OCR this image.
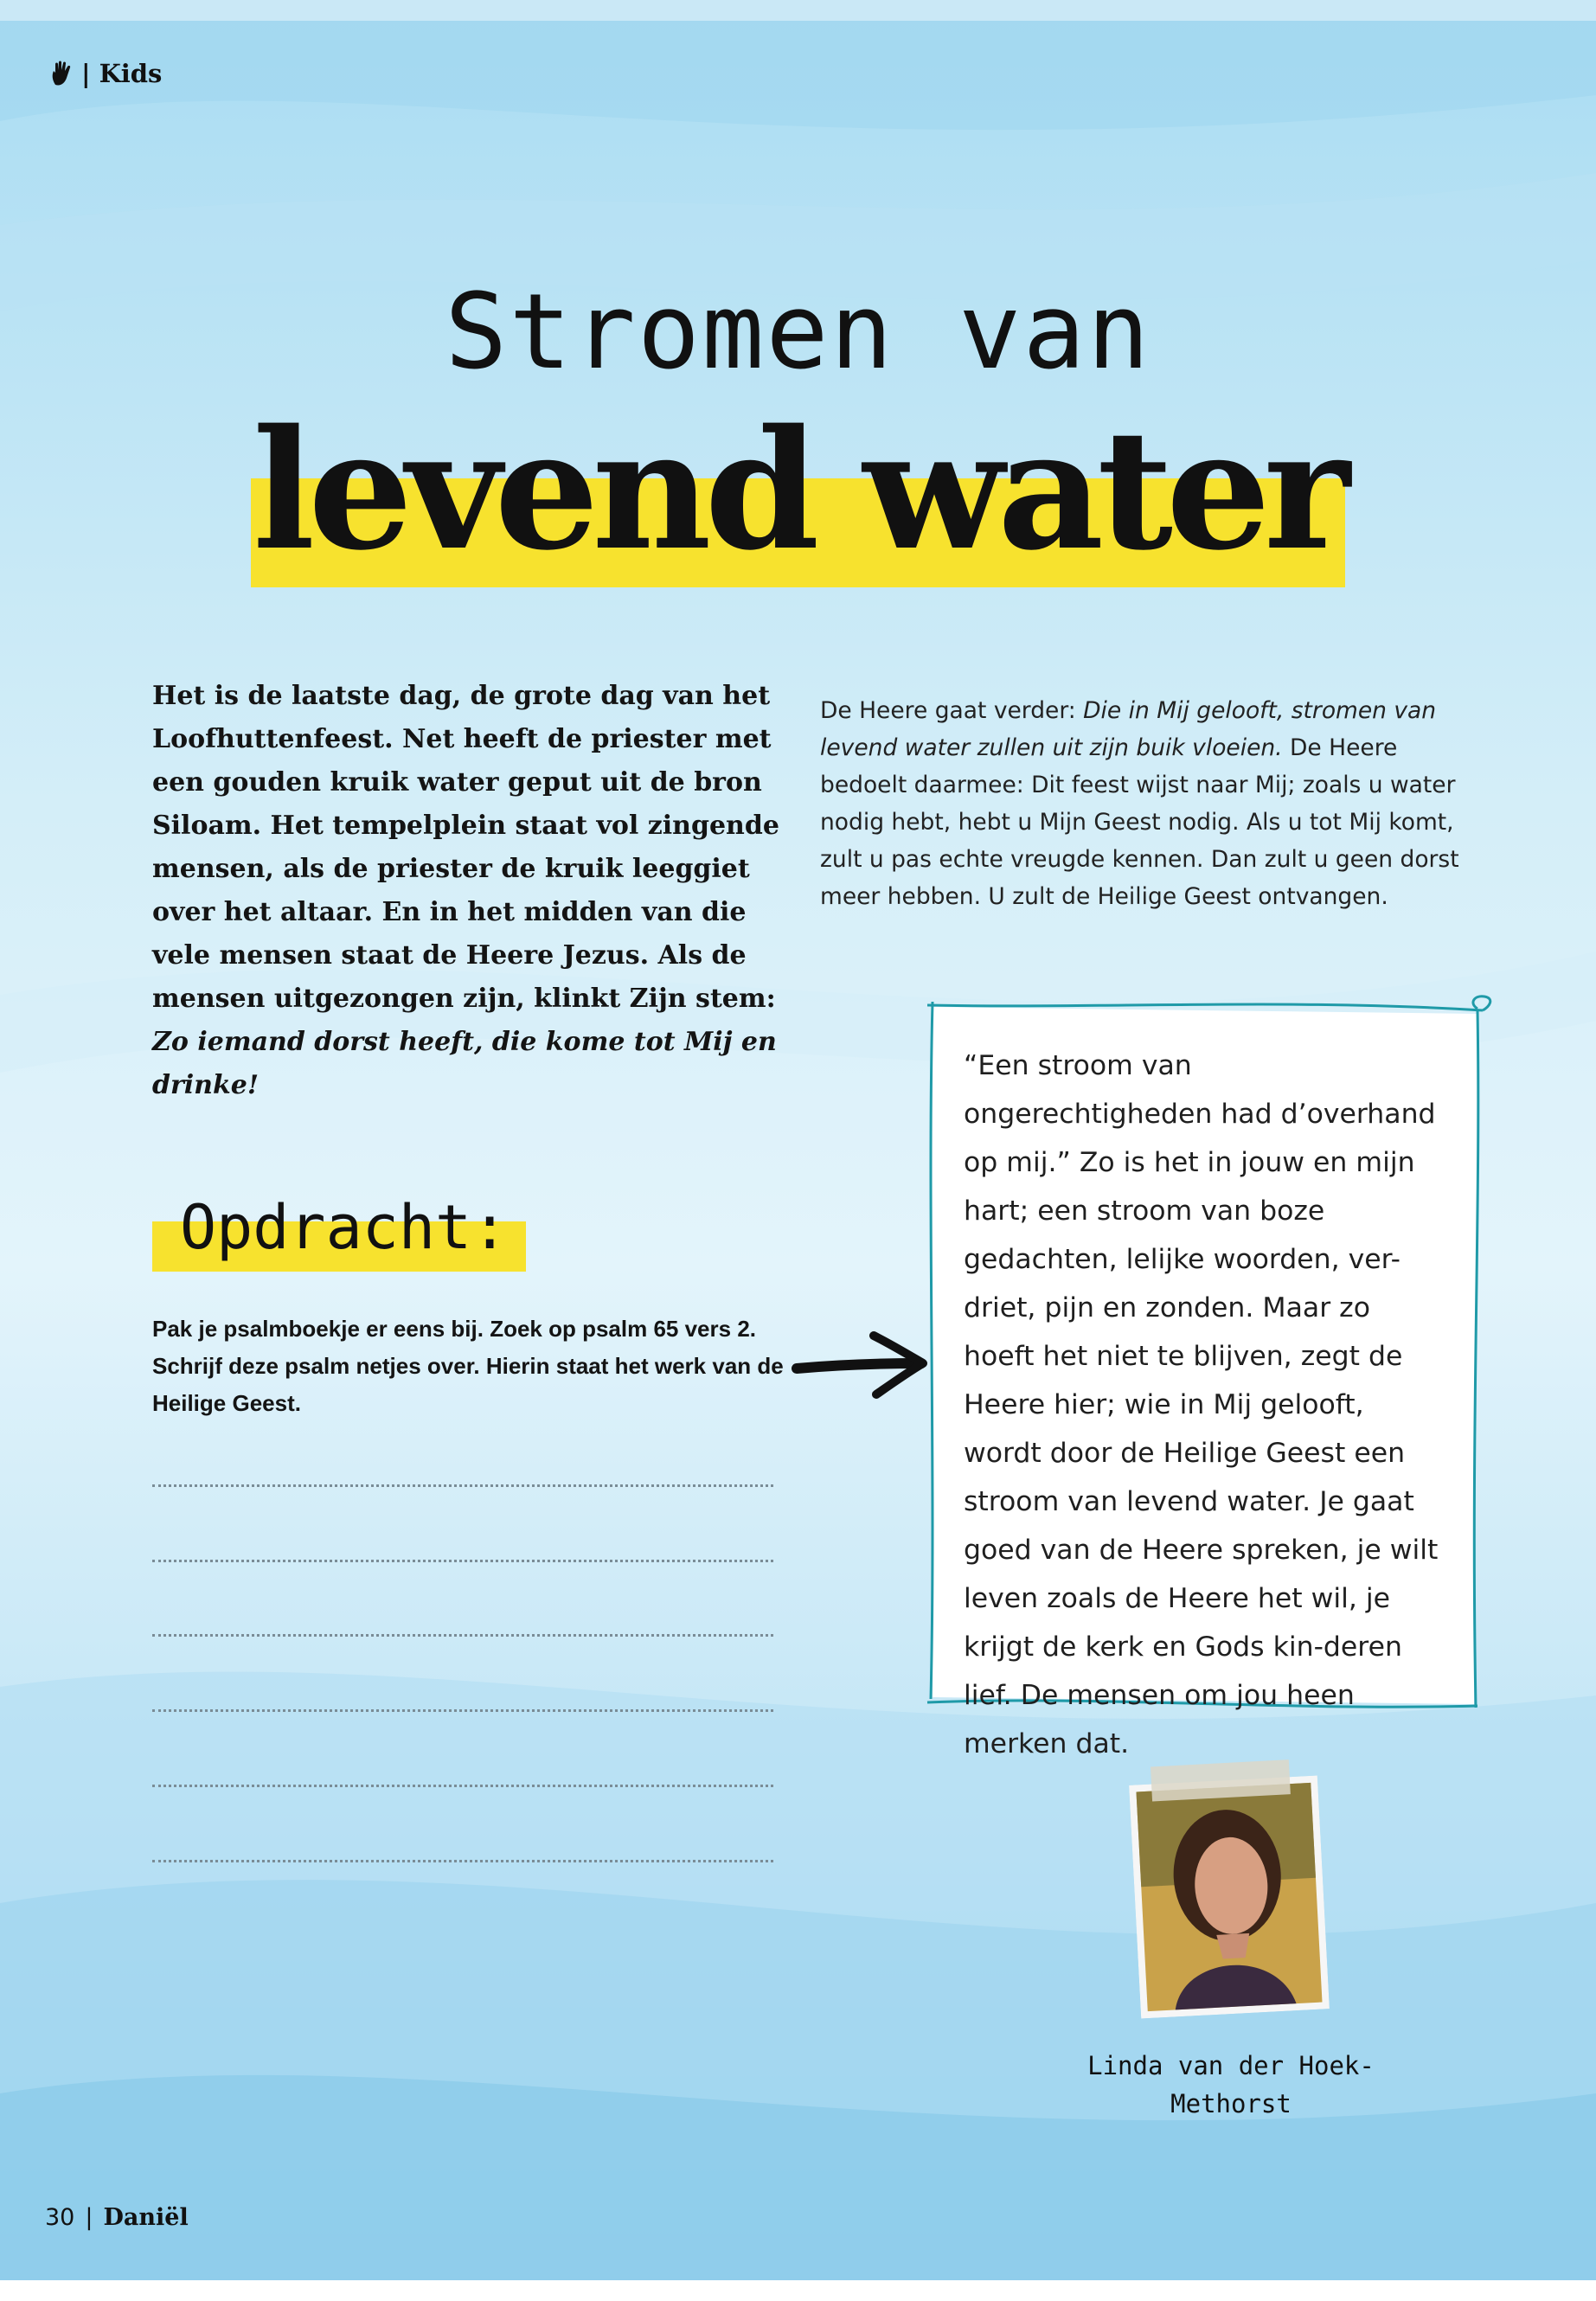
| Kids
Stromen van
levend water
Het is de laatste dag, de grote dag van het Loofhuttenfeest. Net heeft de priester met een gouden kruik water geput uit de bron Siloam. Het tempelplein staat vol zingende mensen, als de priester de kruik leeggiet over het altaar. En in het midden van die vele mensen staat de Heere Jezus. Als de mensen uitgezongen zijn, klinkt Zijn stem: Zo iemand dorst heeft, die kome tot Mij en drinke!
De Heere gaat verder: Die in Mij gelooft, stromen van levend water zullen uit zijn buik vloeien. De Heere bedoelt daarmee: Dit feest wijst naar Mij; zoals u water nodig hebt, hebt u Mijn Geest nodig. Als u tot Mij komt, zult u pas echte vreugde kennen. Dan zult u geen dorst meer hebben. U zult de Heilige Geest ontvangen.
Opdracht:
Pak je psalmboekje er eens bij. Zoek op psalm 65 vers 2. Schrijf deze psalm netjes over. Hierin staat het werk van de Heilige Geest.
“Een stroom van ongerechtigheden had d’overhand op mij.” Zo is het in jouw en mijn hart; een stroom van boze gedachten, lelijke woorden, ver-driet, pijn en zonden. Maar zo hoeft het niet te blijven, zegt de Heere hier; wie in Mij gelooft, wordt door de Heilige Geest een stroom van levend water. Je gaat goed van de Heere spreken, je wilt leven zoals de Heere het wil, je krijgt de kerk en Gods kin-deren lief. De mensen om jou heen merken dat.
Linda van der Hoek-
Methorst
30 | Daniël
